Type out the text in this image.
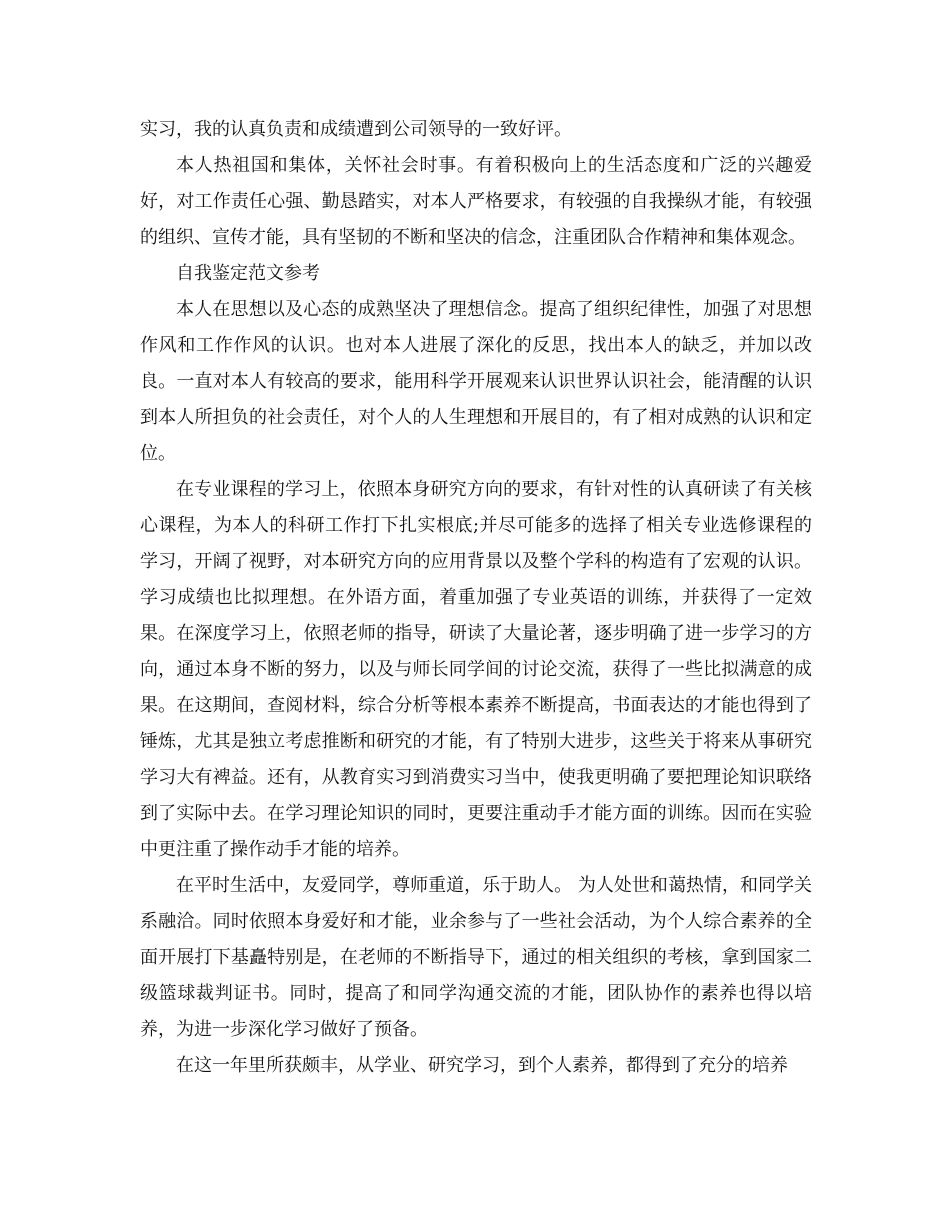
实习，我的认真负责和成绩遭到公司领导的一致好评。

本人热祖国和集体，关怀社会时事。有着积极向上的生活态度和广泛的兴趣爱好，对工作责任心强、勤恳踏实，对本人严格要求，有较强的自我操纵才能，有较强的组织、宣传才能，具有坚韧的不断和坚决的信念，注重团队合作精神和集体观念。

自我鉴定范文参考

本人在思想以及心态的成熟坚决了理想信念。提高了组织纪律性，加强了对思想作风和工作作风的认识。也对本人进展了深化的反思，找出本人的缺乏，并加以改良。一直对本人有较高的要求，能用科学开展观来认识世界认识社会，能清醒的认识到本人所担负的社会责任，对个人的人生理想和开展目的，有了相对成熟的认识和定位。

在专业课程的学习上，依照本身研究方向的要求，有针对性的认真研读了有关核心课程，为本人的科研工作打下扎实根底;并尽可能多的选择了相关专业选修课程的学习，开阔了视野，对本研究方向的应用背景以及整个学科的构造有了宏观的认识。学习成绩也比拟理想。在外语方面，着重加强了专业英语的训练，并获得了一定效果。在深度学习上，依照老师的指导，研读了大量论著，逐步明确了进一步学习的方向，通过本身不断的努力，以及与师长同学间的讨论交流，获得了一些比拟满意的成果。在这期间，查阅材料，综合分析等根本素养不断提高，书面表达的才能也得到了锤炼，尤其是独立考虑推断和研究的才能，有了特别大进步，这些关于将来从事研究学习大有裨益。还有，从教育实习到消费实习当中，使我更明确了要把理论知识联络到了实际中去。在学习理论知识的同时，更要注重动手才能方面的训练。因而在实验中更注重了操作动手才能的培养。

在平时生活中，友爱同学，尊师重道，乐于助人。 为人处世和蔼热情，和同学关系融洽。同时依照本身爱好和才能，业余参与了一些社会活动，为个人综合素养的全面开展打下基矗特别是，在老师的不断指导下，通过的相关组织的考核，拿到国家二级篮球裁判证书。同时，提高了和同学沟通交流的才能，团队协作的素养也得以培养，为进一步深化学习做好了预备。

在这一年里所获颇丰，从学业、研究学习，到个人素养，都得到了充分的培养
